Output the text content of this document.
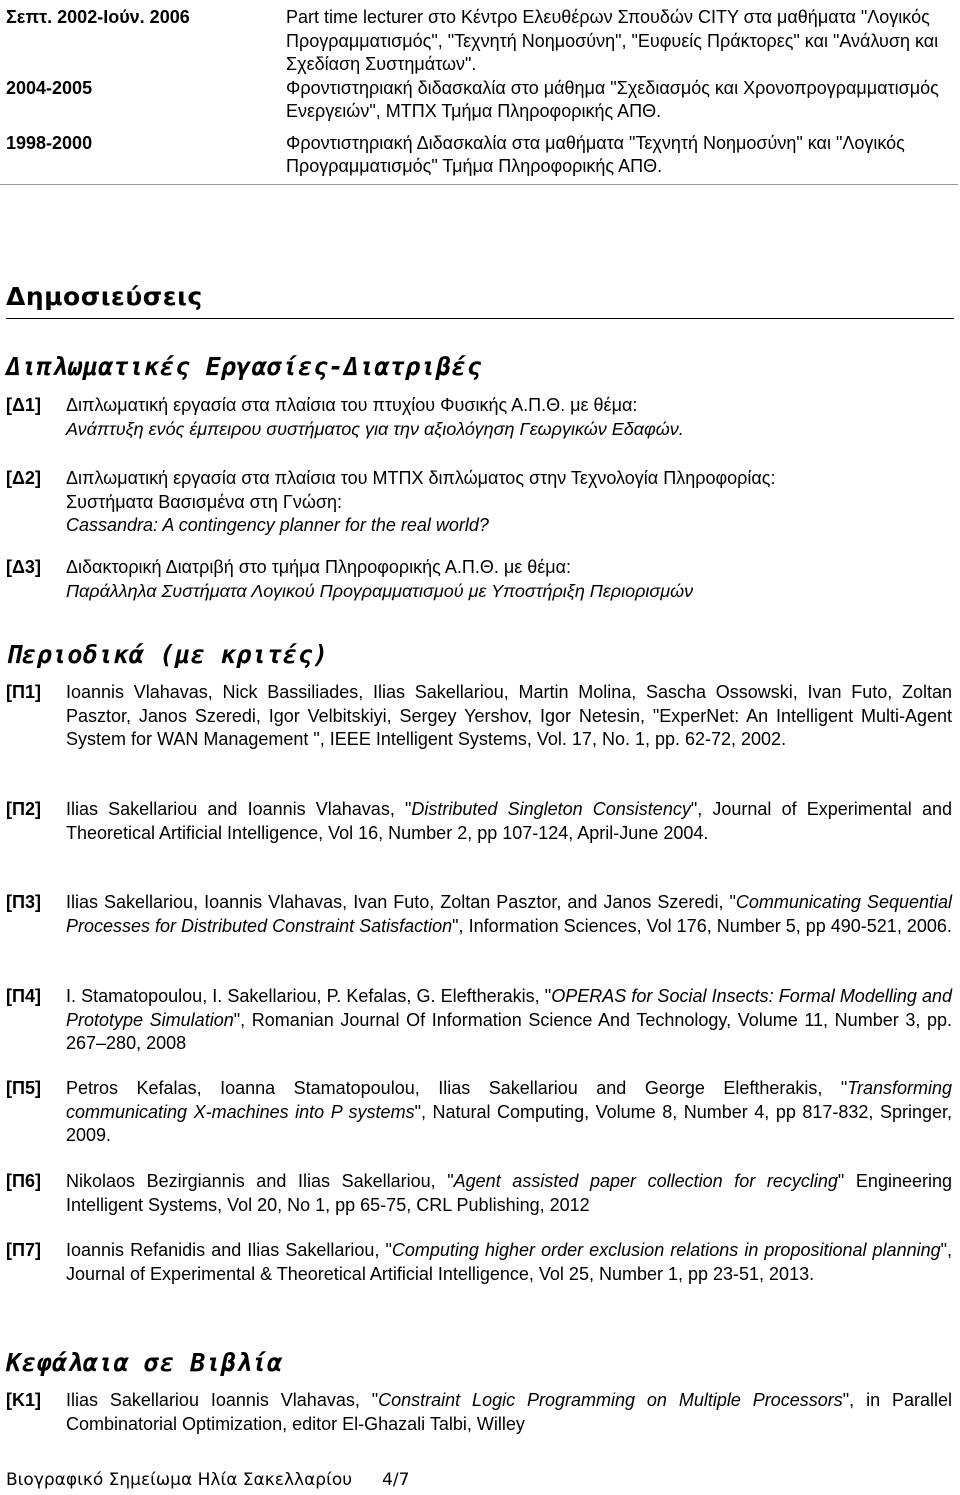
Σεπτ. 2002-Ιούν. 2006	Part time lecturer στο Κέντρο Ελευθέρων Σπουδών CITY στα μαθήματα "Λογικός Προγραμματισμός", "Τεχνητή Νοημοσύνη", "Ευφυείς Πράκτορες" και "Ανάλυση και Σχεδίαση Συστημάτων".
2004-2005	Φροντιστηριακή διδασκαλία στο μάθημα "Σχεδιασμός και Χρονοπρογραμματισμός Ενεργειών", ΜΤΠΧ Τμήμα Πληροφορικής ΑΠΘ.
1998-2000	Φροντιστηριακή Διδασκαλία στα μαθήματα "Τεχνητή Νοημοσύνη" και "Λογικός Προγραμματισμός" Τμήμα Πληροφορικής ΑΠΘ.
Δημοσιεύσεις
Διπλωματικές Εργασίες-Διατριβές
[Δ1]	Διπλωματική εργασία στα πλαίσια του πτυχίου Φυσικής Α.Π.Θ. με θέμα:
Ανάπτυξη ενός έμπειρου συστήματος για την αξιολόγηση Γεωργικών Εδαφών.
[Δ2]	Διπλωματική εργασία στα πλαίσια του ΜΤΠΧ διπλώματος στην Τεχνολογία Πληροφορίας:
Συστήματα Βασισμένα στη Γνώση:
Cassandra: A contingency planner for the real world?
[Δ3]	Διδακτορική Διατριβή στο τμήμα Πληροφορικής Α.Π.Θ. με θέμα:
Παράλληλα Συστήματα Λογικού Προγραμματισμού με Υποστήριξη Περιορισμών
Περιοδικά (με κριτές)
[Π1]	Ioannis Vlahavas, Nick Bassiliades, Ilias Sakellariou, Martin Molina, Sascha Ossowski, Ivan Futo, Zoltan Pasztor, Janos Szeredi, Igor Velbitskiyi, Sergey Yershov, Igor Netesin, "ExperNet: An Intelligent Multi-Agent System for WAN Management ", IEEE Intelligent Systems, Vol. 17, No. 1, pp. 62-72, 2002.
[Π2]	Ilias Sakellariou and Ioannis Vlahavas, "Distributed Singleton Consistency", Journal of Experimental and Theoretical Artificial Intelligence, Vol 16, Number 2, pp 107-124, April-June 2004.
[Π3]	Ilias Sakellariou, Ioannis Vlahavas, Ivan Futo, Zoltan Pasztor, and Janos Szeredi, "Communicating Sequential Processes for Distributed Constraint Satisfaction", Information Sciences, Vol 176, Number 5, pp 490-521, 2006.
[Π4]	I. Stamatopoulou, I. Sakellariou, P. Kefalas, G. Eleftherakis, "OPERAS for Social Insects: Formal Modelling and Prototype Simulation", Romanian Journal Of Information Science And Technology, Volume 11, Number 3, pp. 267–280, 2008
[Π5]	Petros Kefalas, Ioanna Stamatopoulou, Ilias Sakellariou and George Eleftherakis, "Transforming communicating X-machines into P systems", Natural Computing, Volume 8, Number 4, pp 817-832, Springer, 2009.
[Π6]	Nikolaos Bezirgiannis and Ilias Sakellariou, "Agent assisted paper collection for recycling" Engineering Intelligent Systems, Vol 20, No 1, pp 65-75, CRL Publishing, 2012
[Π7]	Ioannis Refanidis and Ilias Sakellariou, "Computing higher order exclusion relations in propositional planning", Journal of Experimental & Theoretical Artificial Intelligence, Vol 25, Number 1, pp 23-51, 2013.
Κεφάλαια σε Βιβλία
[Κ1]	Ilias Sakellariou Ioannis Vlahavas, "Constraint Logic Programming on Multiple Processors", in Parallel Combinatorial Optimization, editor El-Ghazali Talbi, Willey
Βιογραφικό Σημείωμα Ηλία Σακελλαρίου 4/7
